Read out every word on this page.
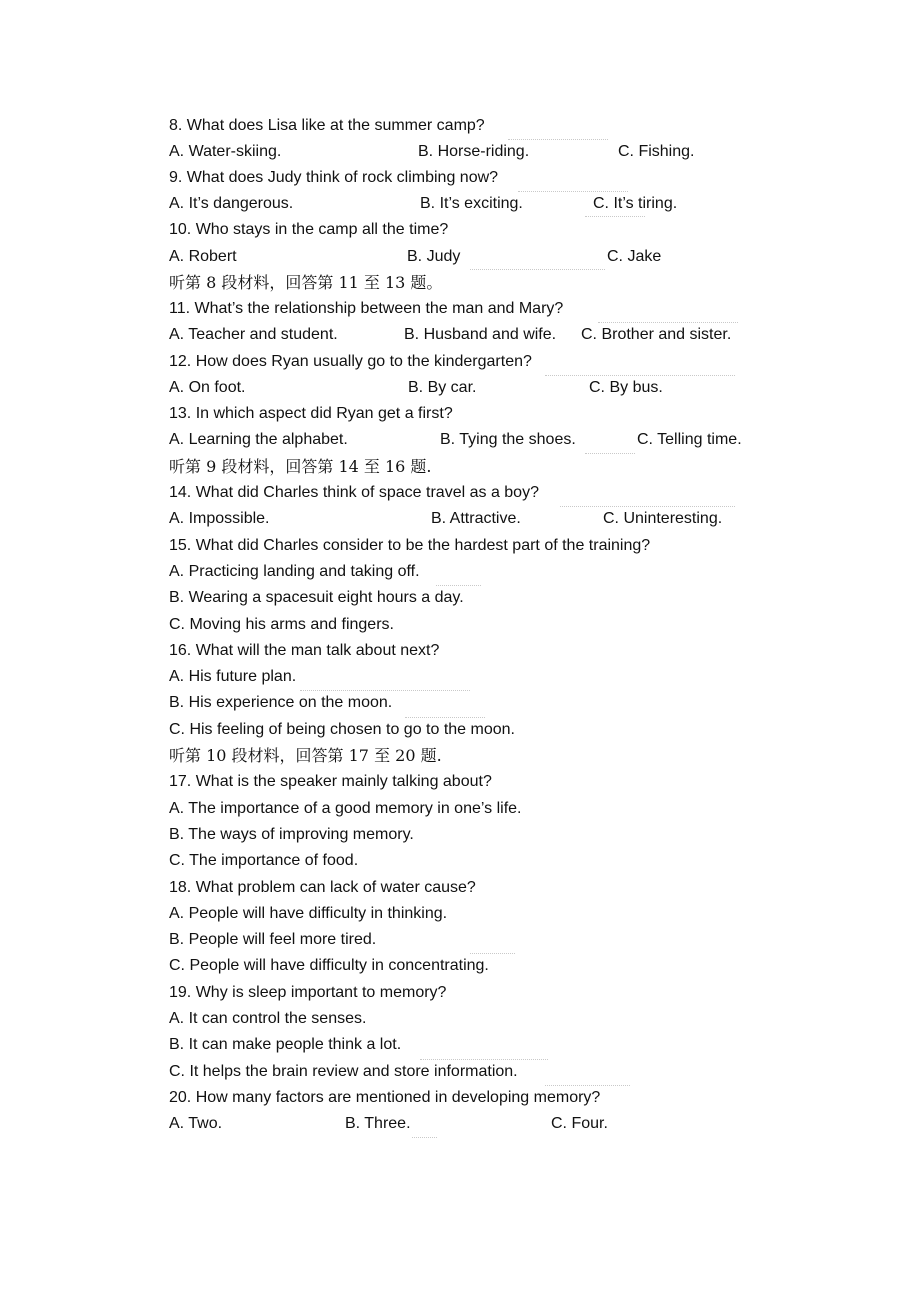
8. What does Lisa like at the summer camp?
A. Water-skiing.	B. Horse-riding.	C. Fishing.
9. What does Judy think of rock climbing now?
A. It’s dangerous.	B. It’s exciting.	C. It’s tiring.
10. Who stays in the camp all the time?
A. Robert	B. Judy	C. Jake
听第 8 段材料，回答第 11 至 13 题。
11. What’s the relationship between the man and Mary?
A. Teacher and student.	B. Husband and wife. C. Brother and sister.
12. How does Ryan usually go to the kindergarten?
A. On foot.	B. By car.	C. By bus.
13. In which aspect did Ryan get a first?
A. Learning the alphabet.	B. Tying the shoes.	C. Telling time.
听第 9 段材料，回答第 14 至 16 题.
14. What did Charles think of space travel as a boy?
A. Impossible.	B. Attractive.	C. Uninteresting.
15. What did Charles consider to be the hardest part of the training?
A. Practicing landing and taking off.
B. Wearing a spacesuit eight hours a day.
C. Moving his arms and fingers.
16. What will the man talk about next?
A. His future plan.
B. His experience on the moon.
C. His feeling of being chosen to go to the moon.
听第 10 段材料，回答第 17 至 20 题.
17. What is the speaker mainly talking about?
A. The importance of a good memory in one’s life.
B. The ways of improving memory.
C. The importance of food.
18. What problem can lack of water cause?
A. People will have difficulty in thinking.
B. People will feel more tired.
C. People will have difficulty in concentrating.
19. Why is sleep important to memory?
A. It can control the senses.
B. It can make people think a lot.
C. It helps the brain review and store information.
20. How many factors are mentioned in developing memory?
A. Two.	B. Three.	C. Four.
